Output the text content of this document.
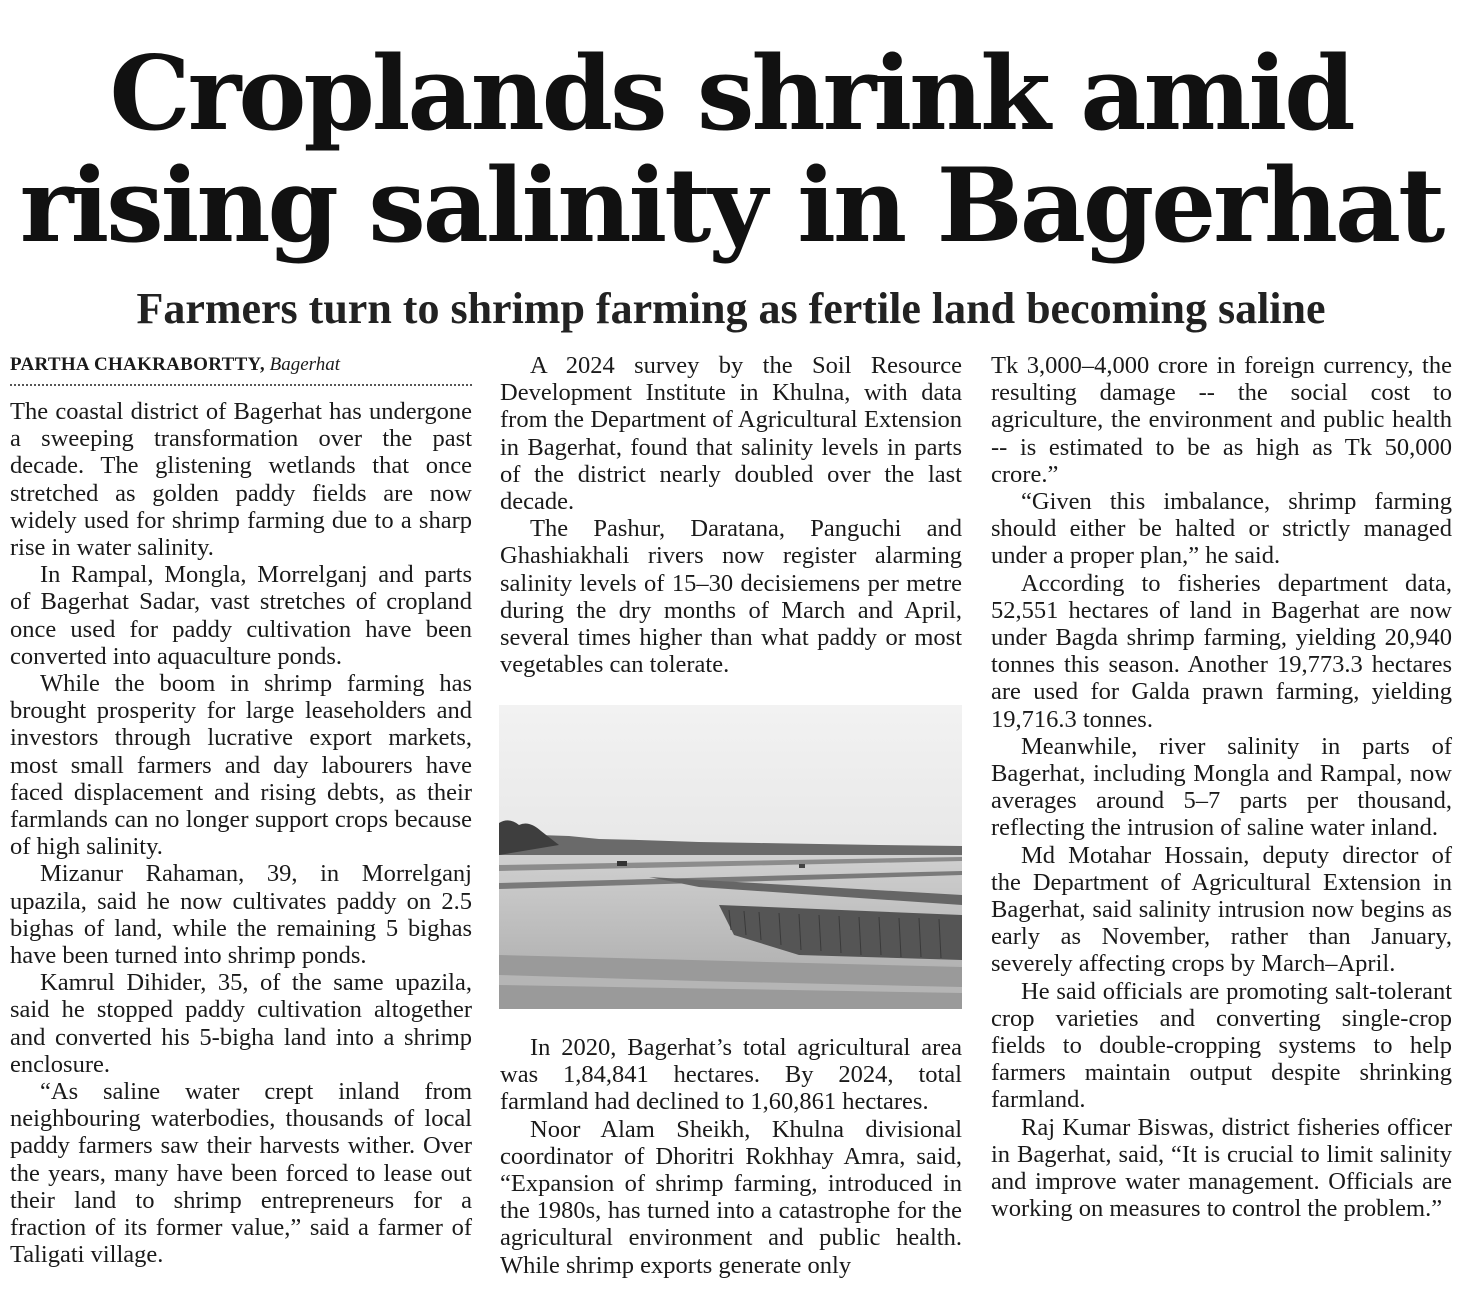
Croplands shrink amid
rising salinity in Bagerhat
Farmers turn to shrimp farming as fertile land becoming saline
PARTHA CHAKRABORTTY, Bagerhat

The coastal district of Bagerhat has undergone a sweeping transformation over the past decade. The glistening wetlands that once stretched as golden paddy fields are now widely used for shrimp farming due to a sharp rise in water salinity.

In Rampal, Mongla, Morrelganj and parts of Bagerhat Sadar, vast stretches of cropland once used for paddy cultivation have been converted into aquaculture ponds.

While the boom in shrimp farming has brought prosperity for large leaseholders and investors through lucrative export markets, most small farmers and day labourers have faced displacement and rising debts, as their farmlands can no longer support crops because of high salinity.

Mizanur Rahaman, 39, in Morrelganj upazila, said he now cultivates paddy on 2.5 bighas of land, while the remaining 5 bighas have been turned into shrimp ponds.

Kamrul Dihider, 35, of the same upazila, said he stopped paddy cultivation altogether and converted his 5-bigha land into a shrimp enclosure.

“As saline water crept inland from neighbouring waterbodies, thousands of local paddy farmers saw their harvests wither. Over the years, many have been forced to lease out their land to shrimp entrepreneurs for a fraction of its former value,” said a farmer of Taligati village.

A 2024 survey by the Soil Resource Development Institute in Khulna, with data from the Department of Agricultural Extension in Bagerhat, found that salinity levels in parts of the district nearly doubled over the last decade.

The Pashur, Daratana, Panguchi and Ghashiakhali rivers now register alarming salinity levels of 15–30 decisiemens per metre during the dry months of March and April, several times higher than what paddy or most vegetables can tolerate.

In 2020, Bagerhat’s total agricultural area was 1,84,841 hectares. By 2024, total farmland had declined to 1,60,861 hectares.

Noor Alam Sheikh, Khulna divisional coordinator of Dhoritri Rokhhay Amra, said, “Expansion of shrimp farming, introduced in the 1980s, has turned into a catastrophe for the agricultural environment and public health. While shrimp exports generate only

Tk 3,000–4,000 crore in foreign currency, the resulting damage -- the social cost to agriculture, the environment and public health -- is estimated to be as high as Tk 50,000 crore.”

“Given this imbalance, shrimp farming should either be halted or strictly managed under a proper plan,” he said.

According to fisheries department data, 52,551 hectares of land in Bagerhat are now under Bagda shrimp farming, yielding 20,940 tonnes this season. Another 19,773.3 hectares are used for Galda prawn farming, yielding 19,716.3 tonnes.

Meanwhile, river salinity in parts of Bagerhat, including Mongla and Rampal, now averages around 5–7 parts per thousand, reflecting the intrusion of saline water inland.

Md Motahar Hossain, deputy director of the Department of Agricultural Extension in Bagerhat, said salinity intrusion now begins as early as November, rather than January, severely affecting crops by March–April.

He said officials are promoting salt-tolerant crop varieties and converting single-crop fields to double-cropping systems to help farmers maintain output despite shrinking farmland.

Raj Kumar Biswas, district fisheries officer in Bagerhat, said, “It is crucial to limit salinity and improve water management. Officials are working on measures to control the problem.”
